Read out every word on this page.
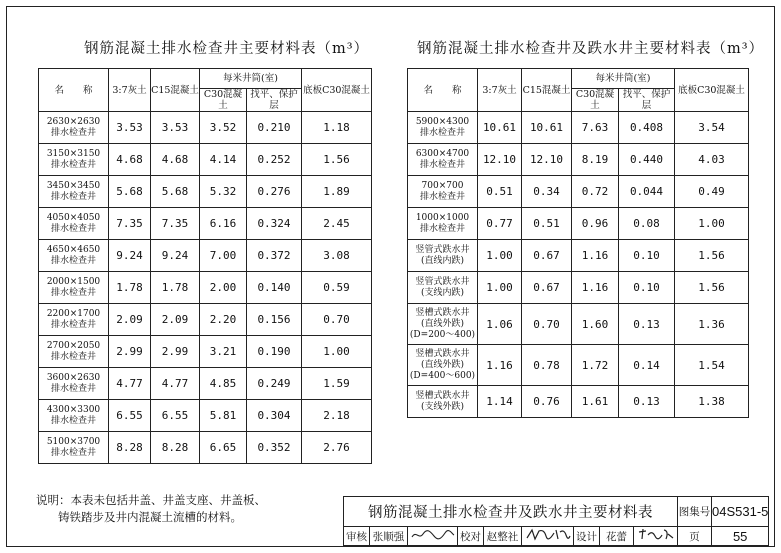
钢筋混凝土排水检查井主要材料表（m³）	钢筋混凝土排水检查井及跌水井主要材料表（m³）
名　　称	3:7灰土	C15混凝土	每米井筒(室)		底板C30混凝土
			C30混凝土	找平、保护层	

2630×2630
排水检查井	3.53	3.53	3.52	0.210	1.18

3150×3150
排水检查井	4.68	4.68	4.14	0.252	1.56

3450×3450
排水检查井	5.68	5.68	5.32	0.276	1.89

4050×4050
排水检查井	7.35	7.35	6.16	0.324	2.45

4650×4650
排水检查井	9.24	9.24	7.00	0.372	3.08

2000×1500
排水检查井	1.78	1.78	2.00	0.140	0.59

2200×1700
排水检查井	2.09	2.09	2.20	0.156	0.70

2700×2050
排水检查井	2.99	2.99	3.21	0.190	1.00

3600×2630
排水检查井	4.77	4.77	4.85	0.249	1.59

4300×3300
排水检查井	6.55	6.55	5.81	0.304	2.18

5100×3700
排水检查井	8.28	8.28	6.65	0.352	2.76
名　　称	3:7灰土	C15混凝土	每米井筒(室)		底板C30混凝土
			C30混凝土	找平、保护层	

5900×4300
排水检查井	10.61	10.61	7.63	0.408	3.54

6300×4700
排水检查井	12.10	12.10	8.19	0.440	4.03

700×700
排水检查井	0.51	0.34	0.72	0.044	0.49

1000×1000
排水检查井	0.77	0.51	0.96	0.08	1.00

竖管式跌水井
(直线内跌)	1.00	0.67	1.16	0.10	1.56

竖管式跌水井
(支线内跌)	1.00	0.67	1.16	0.10	1.56

竖槽式跌水井
(直线外跌)
(D=200～400)	1.06	0.70	1.60	0.13	1.36

竖槽式跌水井
(直线外跌)
(D=400～600)	1.16	0.78	1.72	0.14	1.54

竖槽式跌水井
(支线外跌)	1.14	0.76	1.61	0.13	1.38
说明：本表未包括井盖、井盖支座、井盖板、
铸铁踏步及井内混凝土流槽的材料。	钢筋混凝土排水检查井及跌水井主要材料表									图集号	04S531-5
审核	张顺强		校对	赵整社		设计	花蕾		页	55
